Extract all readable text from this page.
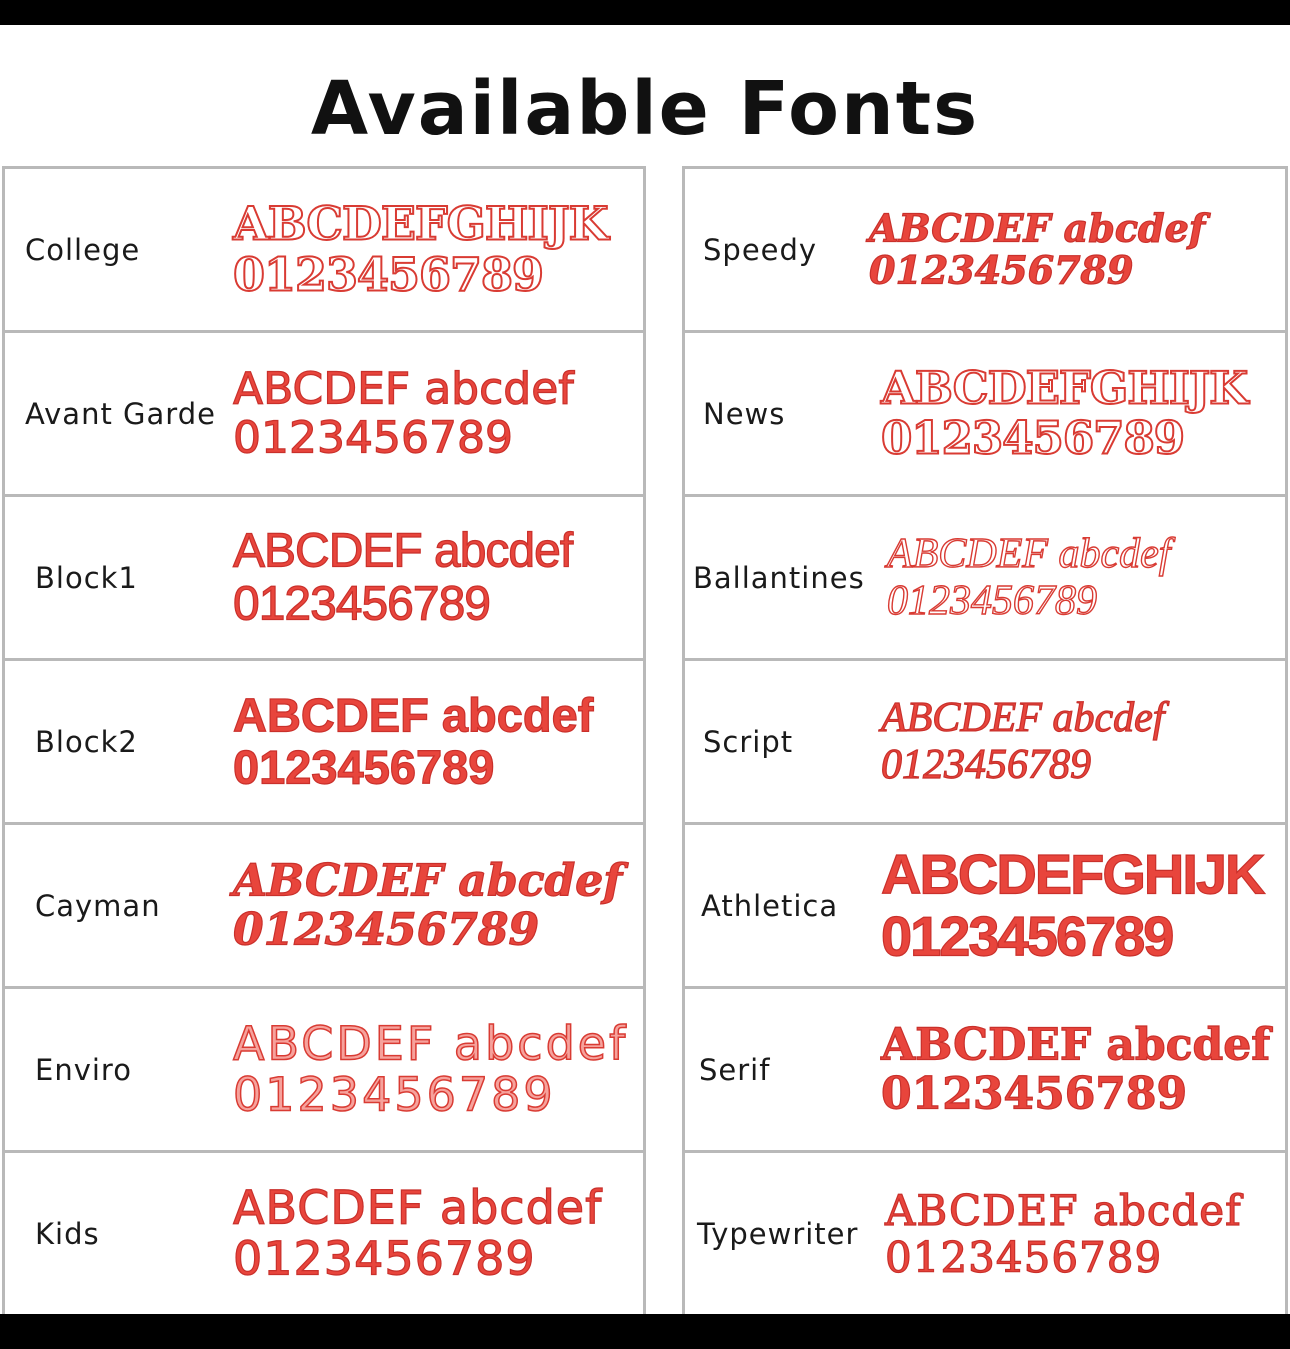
Available Fonts
College ABCDEFGHIJK
0123456789
Avant Garde ABCDEF abcdef
0123456789
Block1
ABCDEF abcdef
0123456789
Block2
ABCDEF abcdef
0123456789
Cayman ABCDEF abcdef
0123456789
Enviro ABCDEF abcdef
0123456789
Kids	ABCDEF abcdef
0123456789
Speedy ABCDEF abcdef
0123456789
News ABCDEFGHIJK
0123456789
Ballantines
ABCDEF abcdef
0123456789
Script
ABCDEF abcdef
0123456789
Athletica
ABCDEFGHIJK
0123456789
Serif	ABCDEF abcdef
0123456789
Typewriter ABCDEF abcdef
0123456789
